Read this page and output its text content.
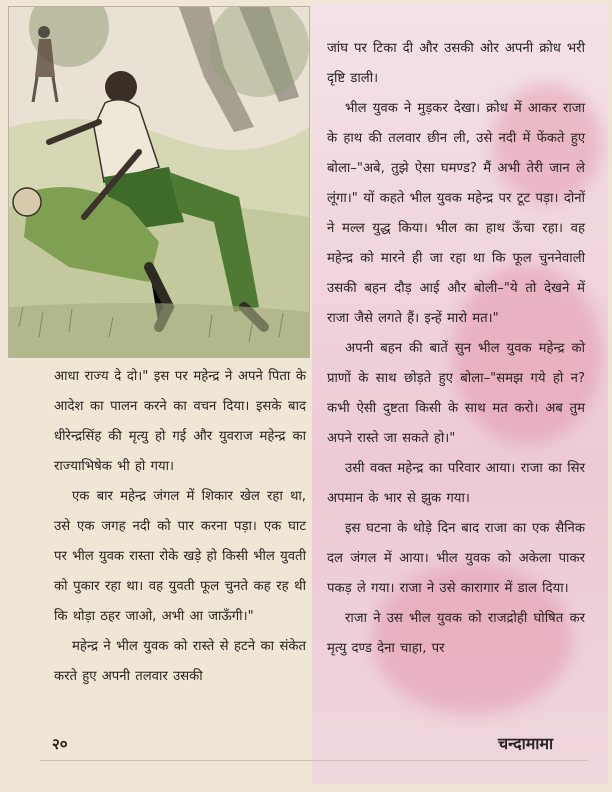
आधा राज्य दे दो।" इस पर महेन्द्र ने अपने पिता के आदेश का पालन करने का वचन दिया। इसके बाद धीरेन्द्रसिंह की मृत्यु हो गई और युवराज महेन्द्र का राज्याभिषेक भी हो गया।

एक बार महेन्द्र जंगल में शिकार खेल रहा था, उसे एक जगह नदी को पार करना पड़ा। एक घाट पर भील युवक रास्ता रोके खड़े हो किसी भील युवती को पुकार रहा था। वह युवती फूल चुनते कह रह थी कि थोड़ा ठहर जाओ, अभी आ जाऊँगी।"

महेन्द्र ने भील युवक को रास्ते से हटने का संकेत करते हुए अपनी तलवार उसकी

जांघ पर टिका दी और उसकी ओर अपनी क्रोध भरी दृष्टि डाली।

भील युवक ने मुड़कर देखा। क्रोध में आकर राजा के हाथ की तलवार छीन ली, उसे नदी में फेंकते हुए बोला–"अबे, तुझे ऐसा घमण्ड? मैं अभी तेरी जान ले लूंगा।" यों कहते भील युवक महेन्द्र पर टूट पड़ा। दोनों ने मल्ल युद्ध किया। भील का हाथ ऊँचा रहा। वह महेन्द्र को मारने ही जा रहा था कि फूल चुननेवाली उसकी बहन दौड़ आई और बोली–"ये तो देखने में राजा जैसे लगते हैं। इन्हें मारो मत।"

अपनी बहन की बातें सुन भील युवक महेन्द्र को प्राणों के साथ छोड़ते हुए बोला–"समझ गये हो न? कभी ऐसी दुष्टता किसी के साथ मत करो। अब तुम अपने रास्ते जा सकते हो।"

उसी वक्त महेन्द्र का परिवार आया। राजा का सिर अपमान के भार से झुक गया।

इस घटना के थोड़े दिन बाद राजा का एक सैनिक दल जंगल में आया। भील युवक को अकेला पाकर पकड़ ले गया। राजा ने उसे कारागार में डाल दिया।

राजा ने उस भील युवक को राजद्रोही घोषित कर मृत्यु दण्ड देना चाहा, पर

२०	चन्दामामा
